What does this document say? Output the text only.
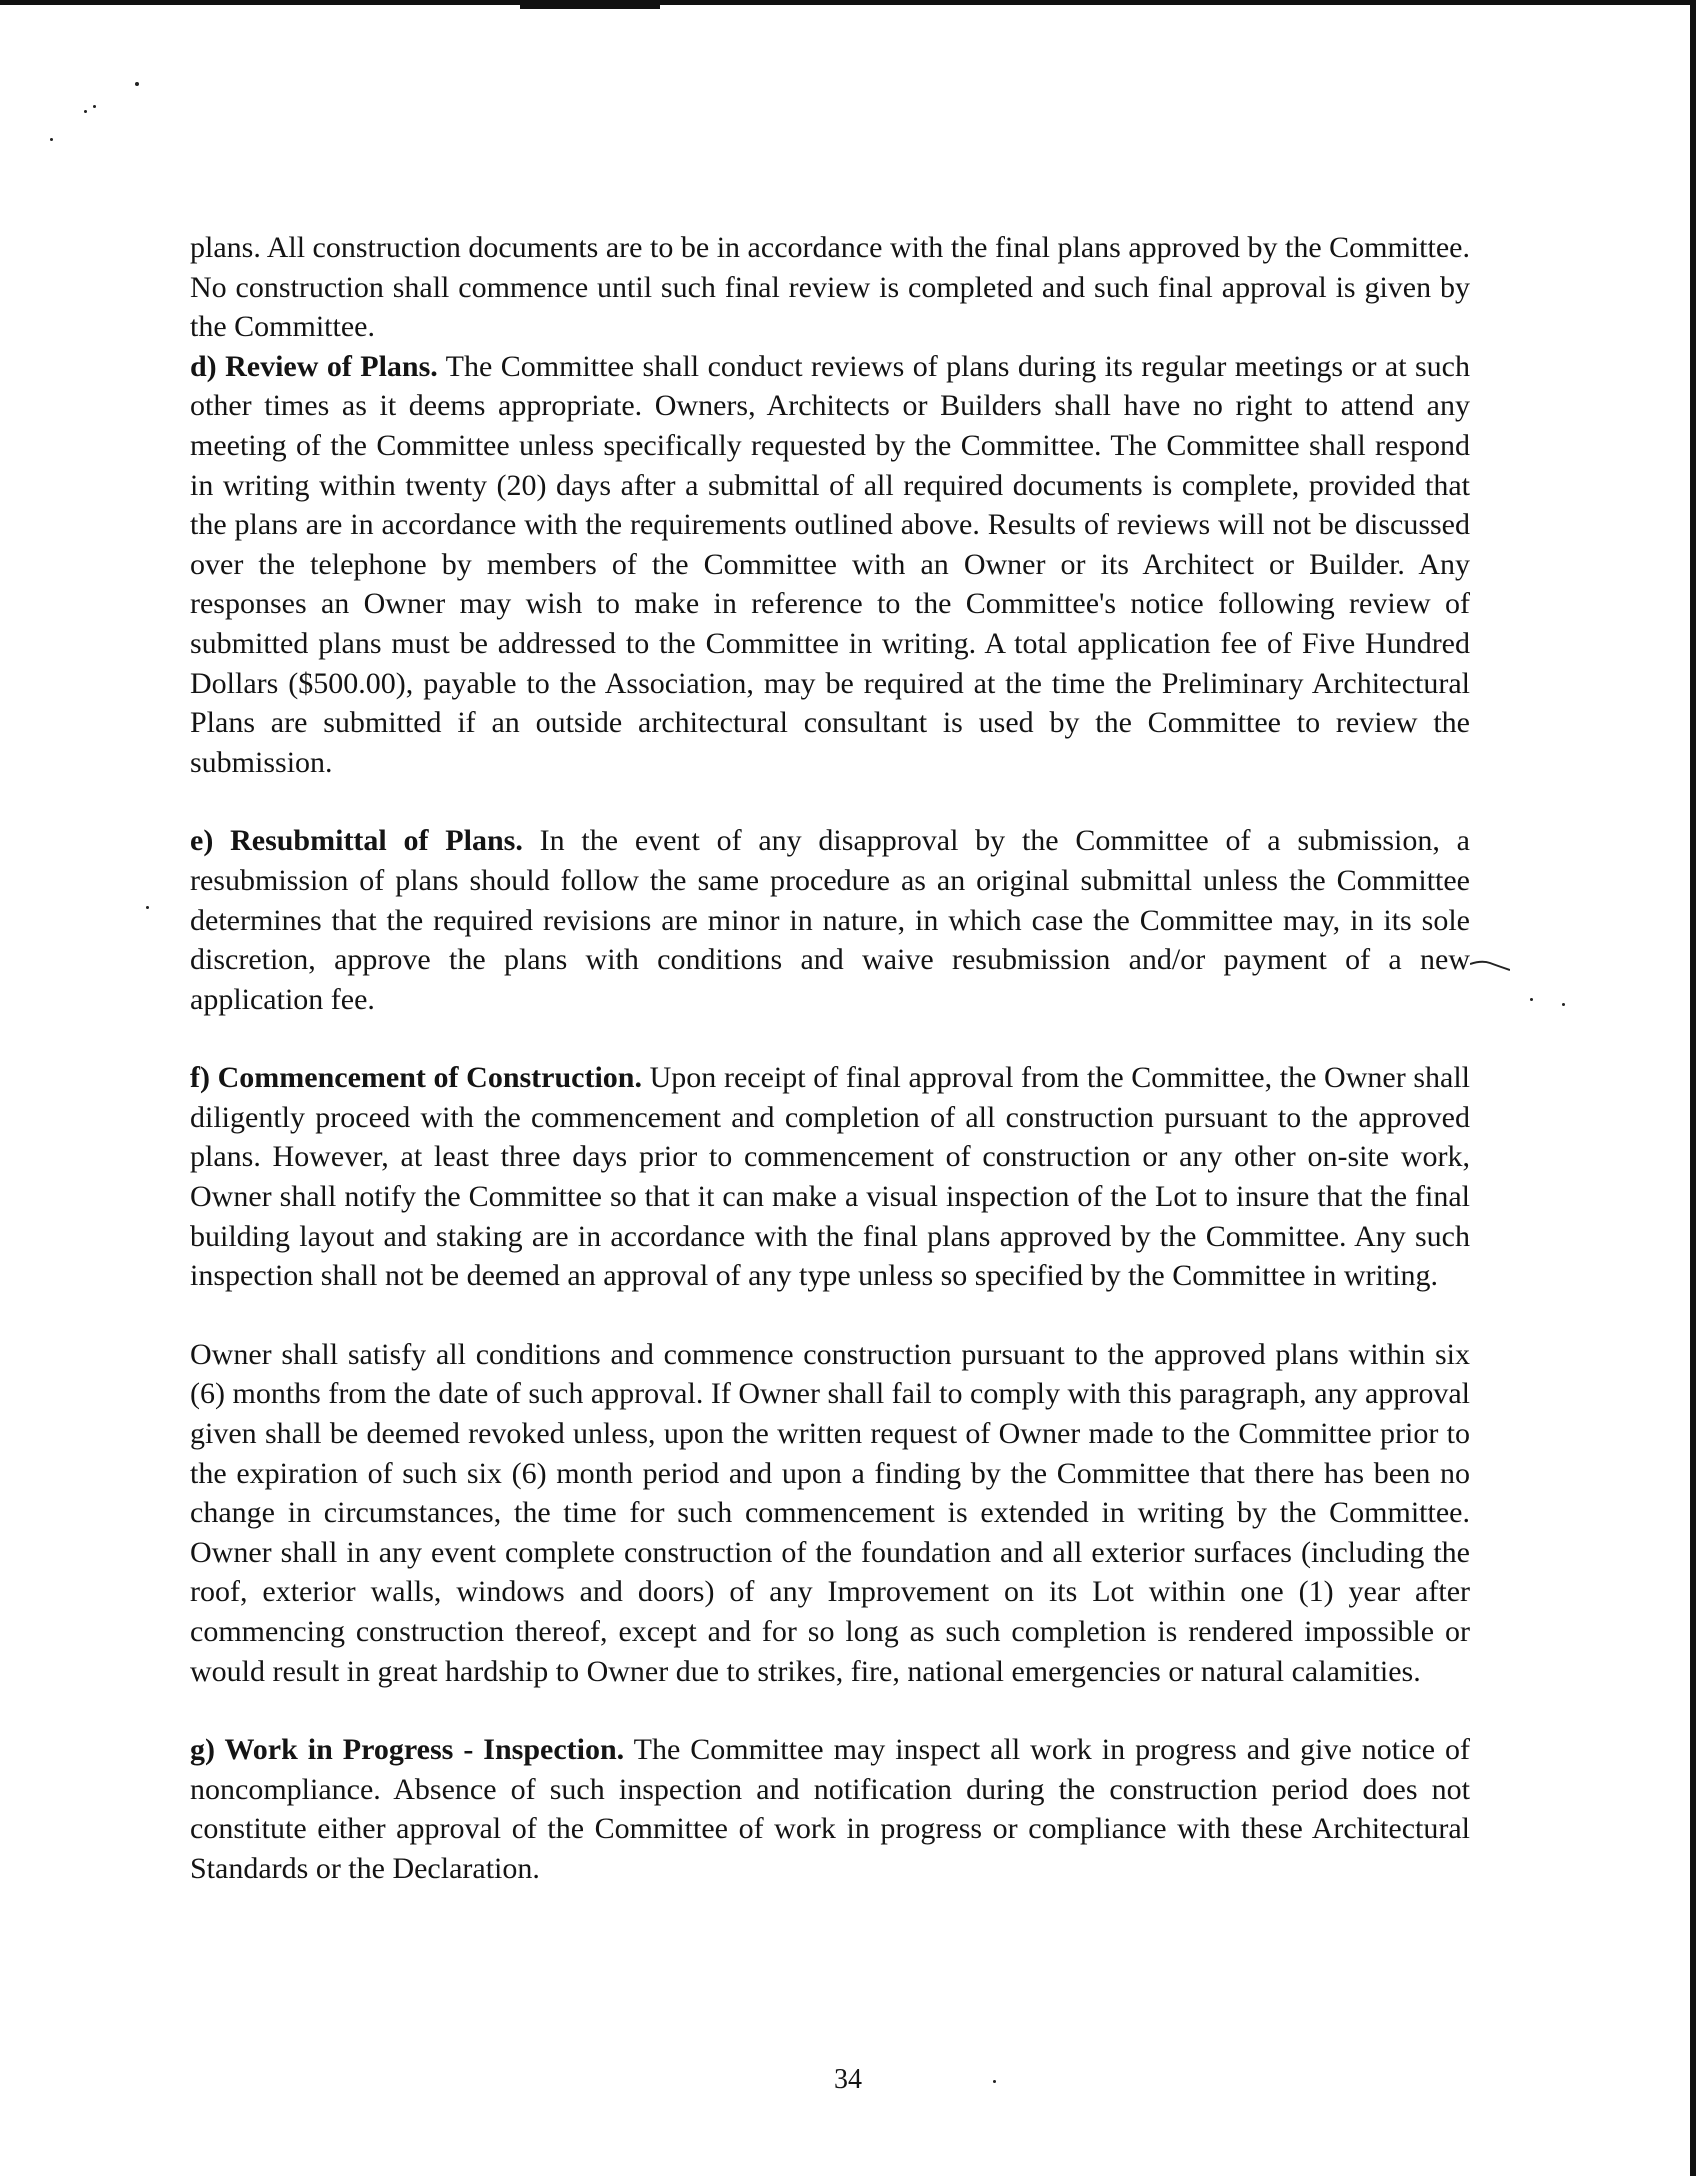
plans. All construction documents are to be in accordance with the final plans approved by the Committee. No construction shall commence until such final review is completed and such final approval is given by the Committee.

d) Review of Plans. The Committee shall conduct reviews of plans during its regular meetings or at such other times as it deems appropriate. Owners, Architects or Builders shall have no right to attend any meeting of the Committee unless specifically requested by the Committee. The Committee shall respond in writing within twenty (20) days after a submittal of all required documents is complete, provided that the plans are in accordance with the requirements outlined above. Results of reviews will not be discussed over the telephone by members of the Committee with an Owner or its Architect or Builder. Any responses an Owner may wish to make in reference to the Committee's notice following review of submitted plans must be addressed to the Committee in writing. A total application fee of Five Hundred Dollars ($500.00), payable to the Association, may be required at the time the Preliminary Architectural Plans are submitted if an outside architectural consultant is used by the Committee to review the submission.

e) Resubmittal of Plans. In the event of any disapproval by the Committee of a submission, a resubmission of plans should follow the same procedure as an original submittal unless the Committee determines that the required revisions are minor in nature, in which case the Committee may, in its sole discretion, approve the plans with conditions and waive resubmission and/or payment of a new application fee.

f) Commencement of Construction. Upon receipt of final approval from the Committee, the Owner shall diligently proceed with the commencement and completion of all construction pursuant to the approved plans. However, at least three days prior to commencement of construction or any other on-site work, Owner shall notify the Committee so that it can make a visual inspection of the Lot to insure that the final building layout and staking are in accordance with the final plans approved by the Committee. Any such inspection shall not be deemed an approval of any type unless so specified by the Committee in writing.

Owner shall satisfy all conditions and commence construction pursuant to the approved plans within six (6) months from the date of such approval. If Owner shall fail to comply with this paragraph, any approval given shall be deemed revoked unless, upon the written request of Owner made to the Committee prior to the expiration of such six (6) month period and upon a finding by the Committee that there has been no change in circumstances, the time for such commencement is extended in writing by the Committee. Owner shall in any event complete construction of the foundation and all exterior surfaces (including the roof, exterior walls, windows and doors) of any Improvement on its Lot within one (1) year after commencing construction thereof, except and for so long as such completion is rendered impossible or would result in great hardship to Owner due to strikes, fire, national emergencies or natural calamities.

g) Work in Progress - Inspection. The Committee may inspect all work in progress and give notice of noncompliance. Absence of such inspection and notification during the construction period does not constitute either approval of the Committee of work in progress or compliance with these Architectural Standards or the Declaration.

34
